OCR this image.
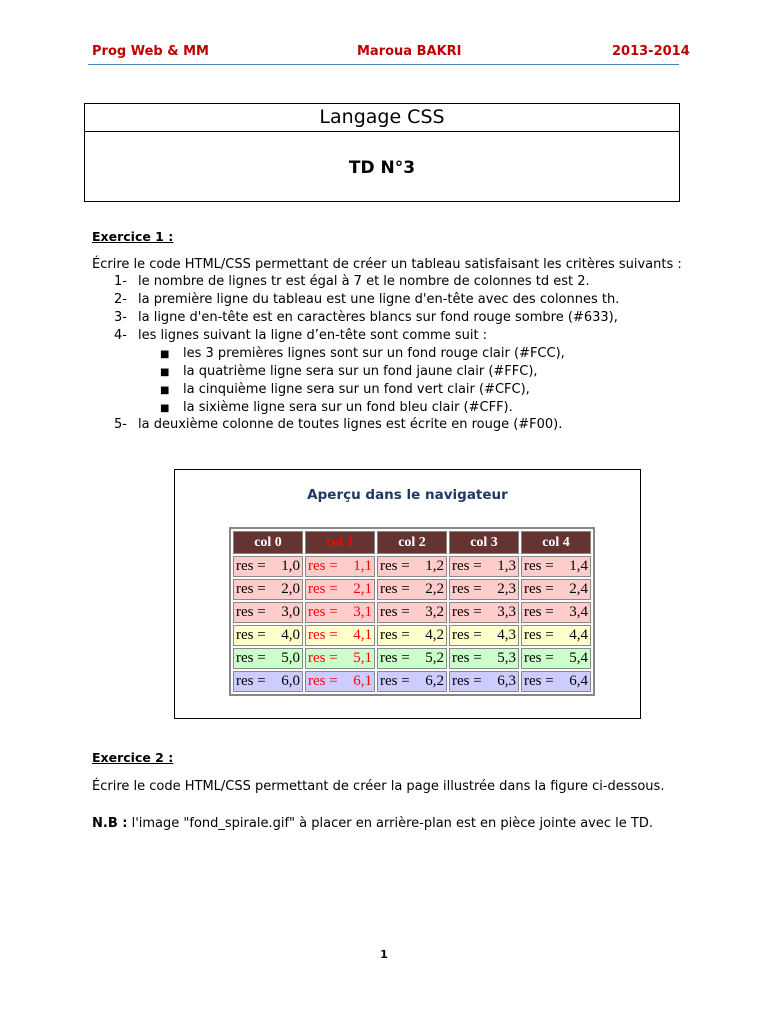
Prog Web & MM	Maroua BAKRI	2013-2014
Langage CSS
TD N°3
Exercice 1 :
Écrire le code HTML/CSS permettant de créer un tableau satisfaisant les critères suivants :
1- le nombre de lignes tr est égal à 7 et le nombre de colonnes td est 2.
2- la première ligne du tableau est une ligne d'en-tête avec des colonnes th.
3- la ligne d'en-tête est en caractères blancs sur fond rouge sombre (#633),
4- les lignes suivant la ligne d’en-tête sont comme suit :
■ les 3 premières lignes sont sur un fond rouge clair (#FCC),
■ la quatrième ligne sera sur un fond jaune clair (#FFC),
■ la cinquième ligne sera sur un fond vert clair (#CFC),
■ la sixième ligne sera sur un fond bleu clair (#CFF).
5- la deuxième colonne de toutes lignes est écrite en rouge (#F00).
Aperçu dans le navigateur
col 0	col 1	col 2	col 3	col 4

res = 1,0	res = 1,1	res = 1,2	res = 1,3	res = 1,4

res = 2,0	res = 2,1	res = 2,2	res = 2,3	res = 2,4

res = 3,0	res = 3,1	res = 3,2	res = 3,3	res = 3,4

res = 4,0	res = 4,1	res = 4,2	res = 4,3	res = 4,4

res = 5,0	res = 5,1	res = 5,2	res = 5,3	res = 5,4

res = 6,0	res = 6,1	res = 6,2	res = 6,3	res = 6,4
Exercice 2 :
Écrire le code HTML/CSS permettant de créer la page illustrée dans la figure ci-dessous.
N.B : l'image "fond_spirale.gif" à placer en arrière-plan est en pièce jointe avec le TD.
1
